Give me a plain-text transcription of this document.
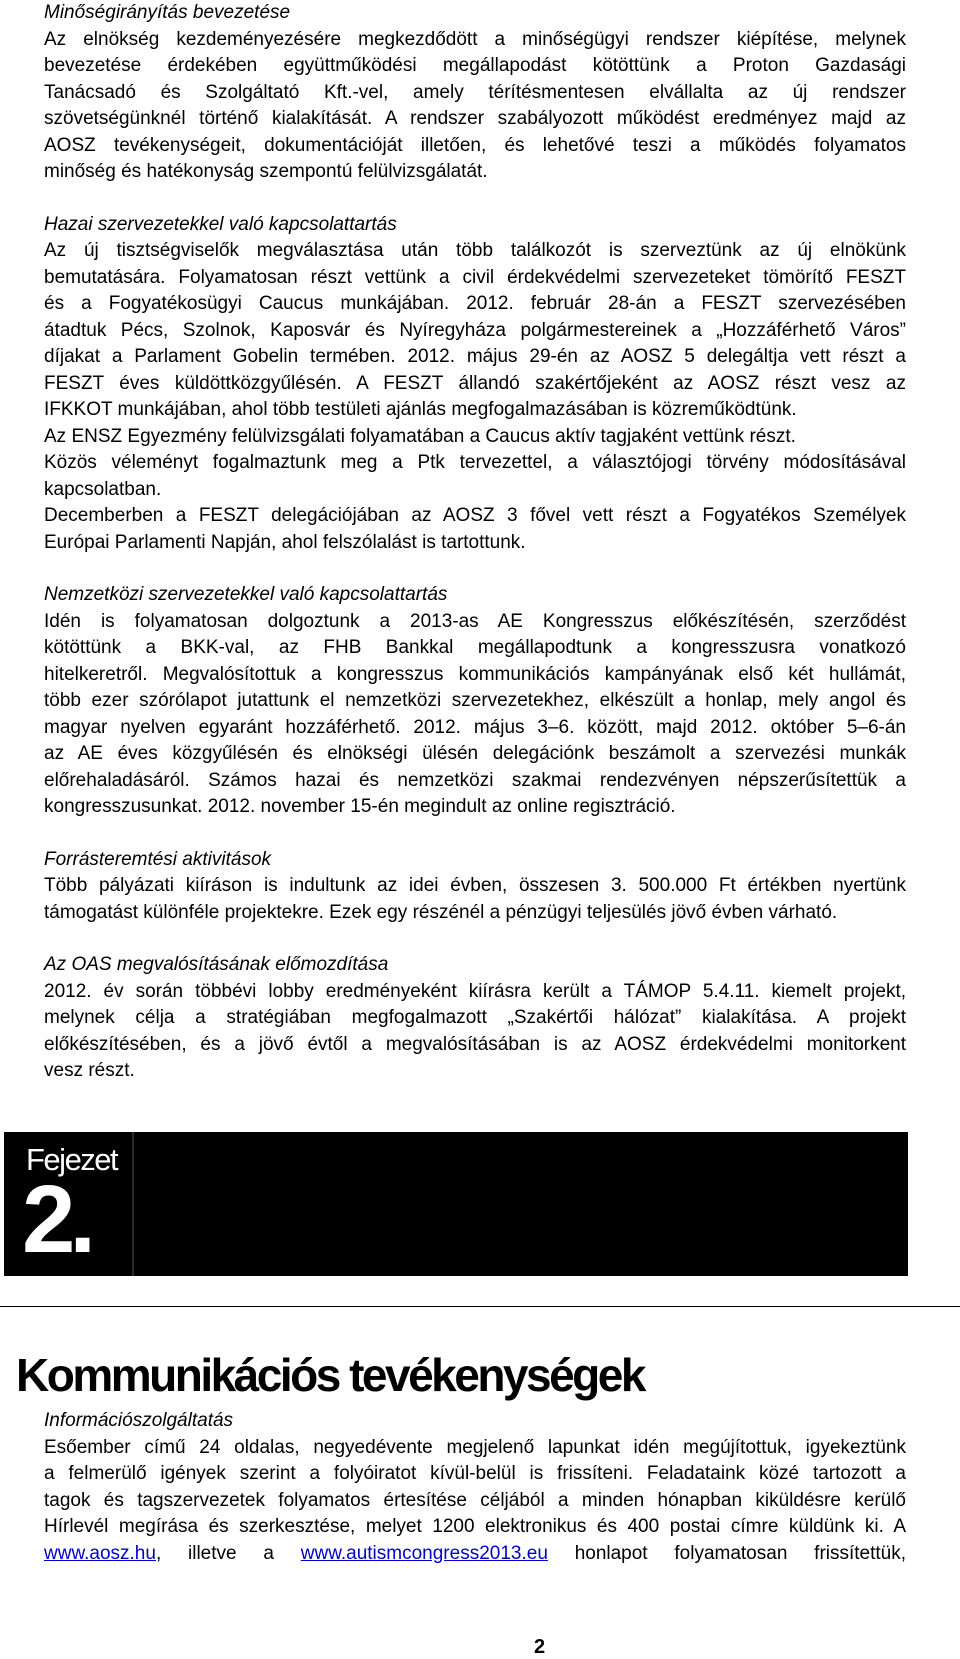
Minőségirányítás bevezetése

Az elnökség kezdeményezésére megkezdődött a minőségügyi rendszer kiépítése, melynek
bevezetése érdekében együttműködési megállapodást kötöttünk a Proton Gazdasági
Tanácsadó és Szolgáltató Kft.-vel, amely térítésmentesen elvállalta az új rendszer
szövetségünknél történő kialakítását. A rendszer szabályozott működést eredményez majd az
AOSZ tevékenységeit, dokumentációját illetően, és lehetővé teszi a működés folyamatos
minőség és hatékonyság szempontú felülvizsgálatát.

Hazai szervezetekkel való kapcsolattartás

Az új tisztségviselők megválasztása után több találkozót is szerveztünk az új elnökünk
bemutatására. Folyamatosan részt vettünk a civil érdekvédelmi szervezeteket tömörítő FESZT
és a Fogyatékosügyi Caucus munkájában. 2012. február 28-án a FESZT szervezésében
átadtuk Pécs, Szolnok, Kaposvár és Nyíregyháza polgármestereinek a „Hozzáférhető Város”
díjakat a Parlament Gobelin termében. 2012. május 29-én az AOSZ 5 delegáltja vett részt a
FESZT éves küldöttközgyűlésén. A FESZT állandó szakértőjeként az AOSZ részt vesz az
IFKKOT munkájában, ahol több testületi ajánlás megfogalmazásában is közreműködtünk.
Az ENSZ Egyezmény felülvizsgálati folyamatában a Caucus aktív tagjaként vettünk részt.
Közös véleményt fogalmaztunk meg a Ptk tervezettel, a választójogi törvény módosításával
kapcsolatban.
Decemberben a FESZT delegációjában az AOSZ 3 fővel vett részt a Fogyatékos Személyek
Európai Parlamenti Napján, ahol felszólalást is tartottunk.

Nemzetközi szervezetekkel való kapcsolattartás

Idén is folyamatosan dolgoztunk a 2013-as AE Kongresszus előkészítésén, szerződést
kötöttünk a BKK-val, az FHB Bankkal megállapodtunk a kongresszusra vonatkozó
hitelkeretről. Megvalósítottuk a kongresszus kommunikációs kampányának első két hullámát,
több ezer szórólapot jutattunk el nemzetközi szervezetekhez, elkészült a honlap, mely angol és
magyar nyelven egyaránt hozzáférhető. 2012. május 3–6. között, majd 2012. október 5–6-án
az AE éves közgyűlésén és elnökségi ülésén delegációnk beszámolt a szervezési munkák
előrehaladásáról. Számos hazai és nemzetközi szakmai rendezvényen népszerűsítettük a
kongresszusunkat. 2012. november 15-én megindult az online regisztráció.

Forrásteremtési aktivitások

Több pályázati kiíráson is indultunk az idei évben, összesen 3. 500.000 Ft értékben nyertünk
támogatást különféle projektekre. Ezek egy részénél a pénzügyi teljesülés jövő évben várható.

Az OAS megvalósításának előmozdítása

2012. év során többévi lobby eredményeként kiírásra került a TÁMOP 5.4.11. kiemelt projekt,
melynek célja a stratégiában megfogalmazott „Szakértői hálózat” kialakítása. A projekt
előkészítésében, és a jövő évtől a megvalósításában is az AOSZ érdekvédelmi monitorkent
vesz részt.
Fejezet
2.
Kommunikációs tevékenységek

Információszolgáltatás

Esőember című 24 oldalas, negyedévente megjelenő lapunkat idén megújítottuk, igyekeztünk
a felmerülő igények szerint a folyóiratot kívül-belül is frissíteni. Feladataink közé tartozott a
tagok és tagszervezetek folyamatos értesítése céljából a minden hónapban kiküldésre kerülő
Hírlevél megírása és szerkesztése, melyet 1200 elektronikus és 400 postai címre küldünk ki. A
www.aosz.hu, illetve a www.autismcongress2013.eu honlapot folyamatosan frissítettük,
2
